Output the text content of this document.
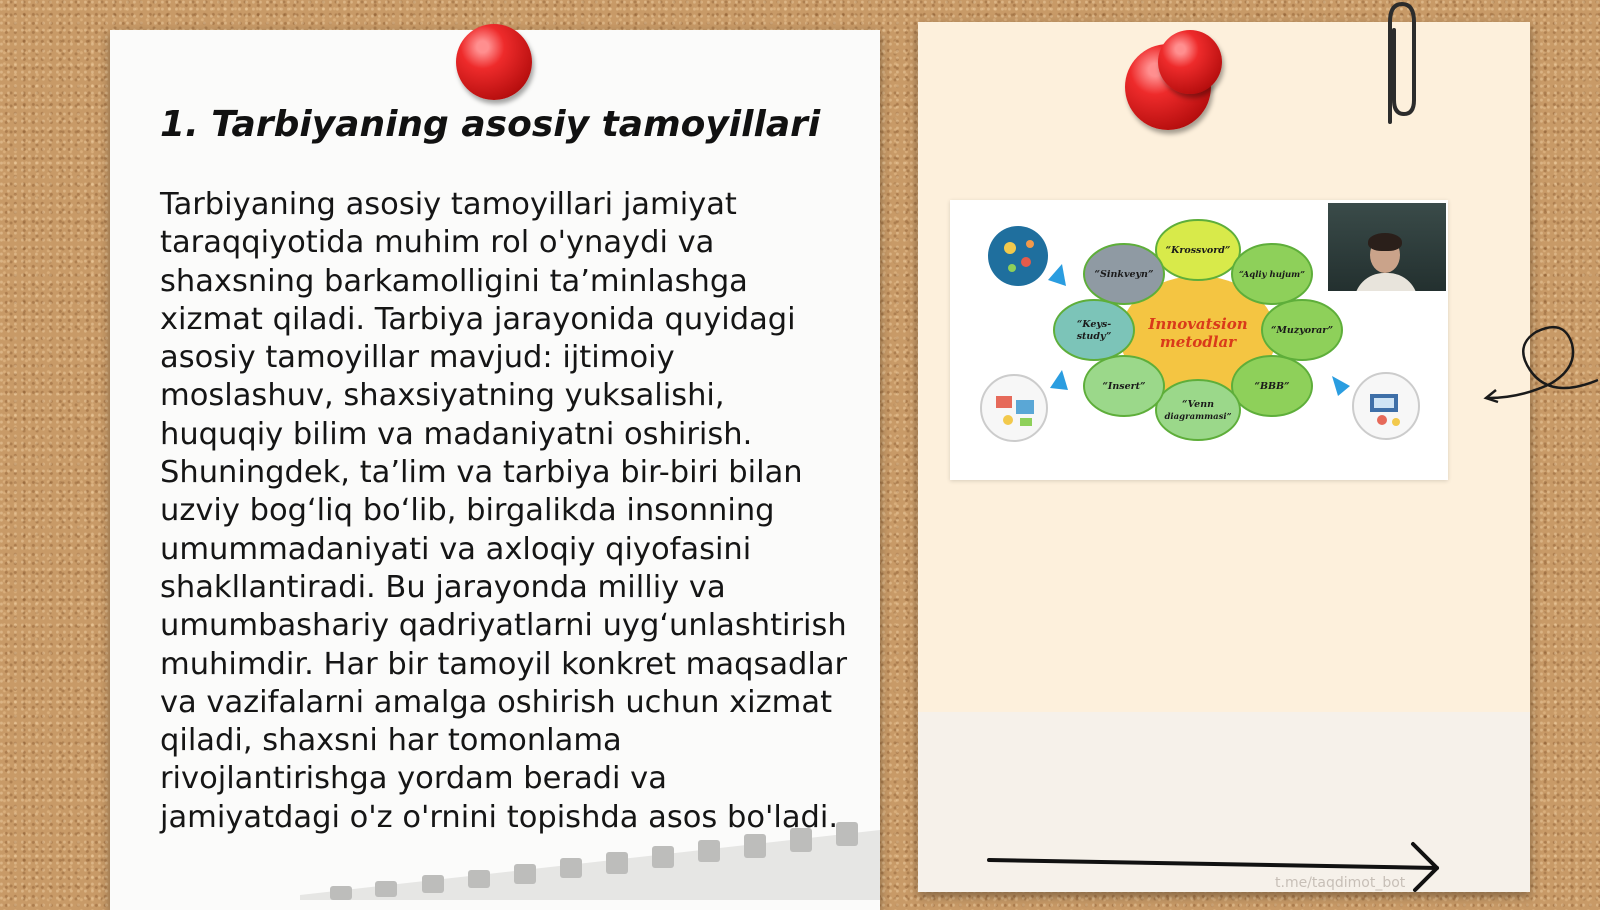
1. Tarbiyaning asosiy tamoyillari

Tarbiyaning asosiy tamoyillari jamiyat taraqqiyotida muhim rol o'ynaydi va shaxsning barkamolligini ta’minlashga xizmat qiladi. Tarbiya jarayonida quyidagi asosiy tamoyillar mavjud: ijtimoiy moslashuv, shaxsiyatning yuksalishi, huquqiy bilim va madaniyatni oshirish. Shuningdek, ta’lim va tarbiya bir-biri bilan uzviy bog‘liq bo‘lib, birgalikda insonning umummadaniyati va axloqiy qiyofasini shakllantiradi. Bu jarayonda milliy va umumbashariy qadriyatlarni uyg‘unlashtirish muhimdir. Har bir tamoyil konkret maqsadlar va vazifalarni amalga oshirish uchun xizmat qiladi, shaxsni har tomonlama rivojlantirishga yordam beradi va jamiyatdagi o'z o'rnini topishda asos bo'ladi.

Innovatsion
metodlar
“Krossvord”
“Aqliy hujum”
“Muzyorar”
“BBB”
“Venn
diagrammasi”
“Insert”
“Keys-
study”
“Sinkveyn”
t.me/taqdimot_bot
